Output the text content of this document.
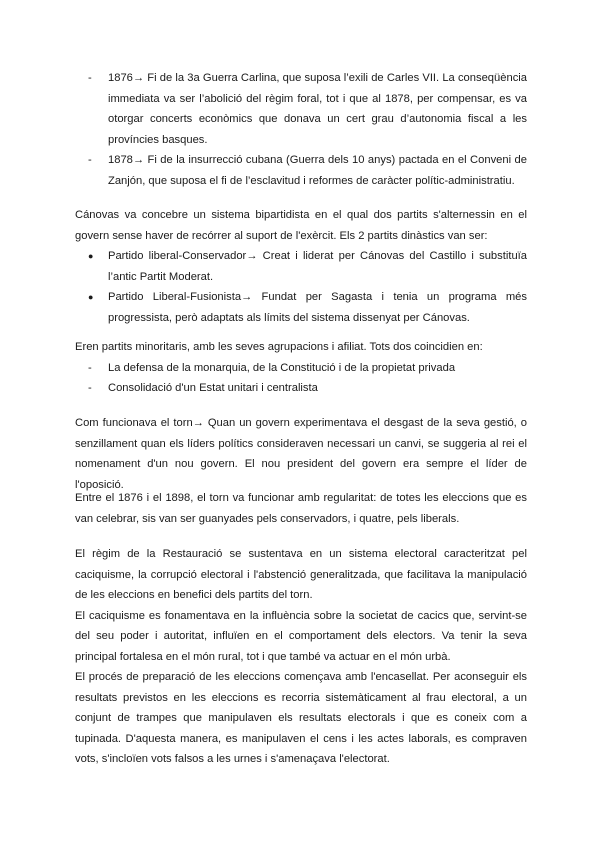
- 1876→ Fi de la 3a Guerra Carlina, que suposa l’exili de Carles VII. La conseqüència immediata va ser l’abolició del règim foral, tot i que al 1878, per compensar, es va otorgar concerts econòmics que donava un cert grau d’autonomia fiscal a les províncies basques.
- 1878→ Fi de la insurrecció cubana (Guerra dels 10 anys) pactada en el Conveni de Zanjón, que suposa el fi de l’esclavitud i reformes de caràcter polític-administratiu.

Cánovas va concebre un sistema bipartidista en el qual dos partits s'alternessin en el govern sense haver de recórrer al suport de l'exèrcit. Els 2 partits dinàstics van ser:

● Partido liberal-Conservador→ Creat i liderat per Cánovas del Castillo i substituïa l’antic Partit Moderat.
● Partido Liberal-Fusionista→ Fundat per Sagasta i tenia un programa més progressista, però adaptats als límits del sistema dissenyat per Cánovas.

Eren partits minoritaris, amb les seves agrupacions i afiliat. Tots dos coincidien en:

- La defensa de la monarquia, de la Constitució i de la propietat privada
- Consolidació d'un Estat unitari i centralista

Com funcionava el torn→ Quan un govern experimentava el desgast de la seva gestió, o senzillament quan els líders polítics consideraven necessari un canvi, se suggeria al rei el nomenament d'un nou govern. El nou president del govern era sempre el líder de l'oposició.

Entre el 1876 i el 1898, el torn va funcionar amb regularitat: de totes les eleccions que es van celebrar, sis van ser guanyades pels conservadors, i quatre, pels liberals.

El règim de la Restauració se sustentava en un sistema electoral caracteritzat pel caciquisme, la corrupció electoral i l'abstenció generalitzada, que facilitava la manipulació de les eleccions en benefici dels partits del torn.

El caciquisme es fonamentava en la influència sobre la societat de cacics que, servint-se del seu poder i autoritat, influïen en el comportament dels electors. Va tenir la seva principal fortalesa en el món rural, tot i que també va actuar en el món urbà.

El procés de preparació de les eleccions començava amb l'encasellat. Per aconseguir els resultats previstos en les eleccions es recorria sistemàticament al frau electoral, a un conjunt de trampes que manipulaven els resultats electorals i que es coneix com a tupinada. D'aquesta manera, es manipulaven el cens i les actes laborals, es compraven vots, s'incloïen vots falsos a les urnes i s'amenaçava l'electorat.
